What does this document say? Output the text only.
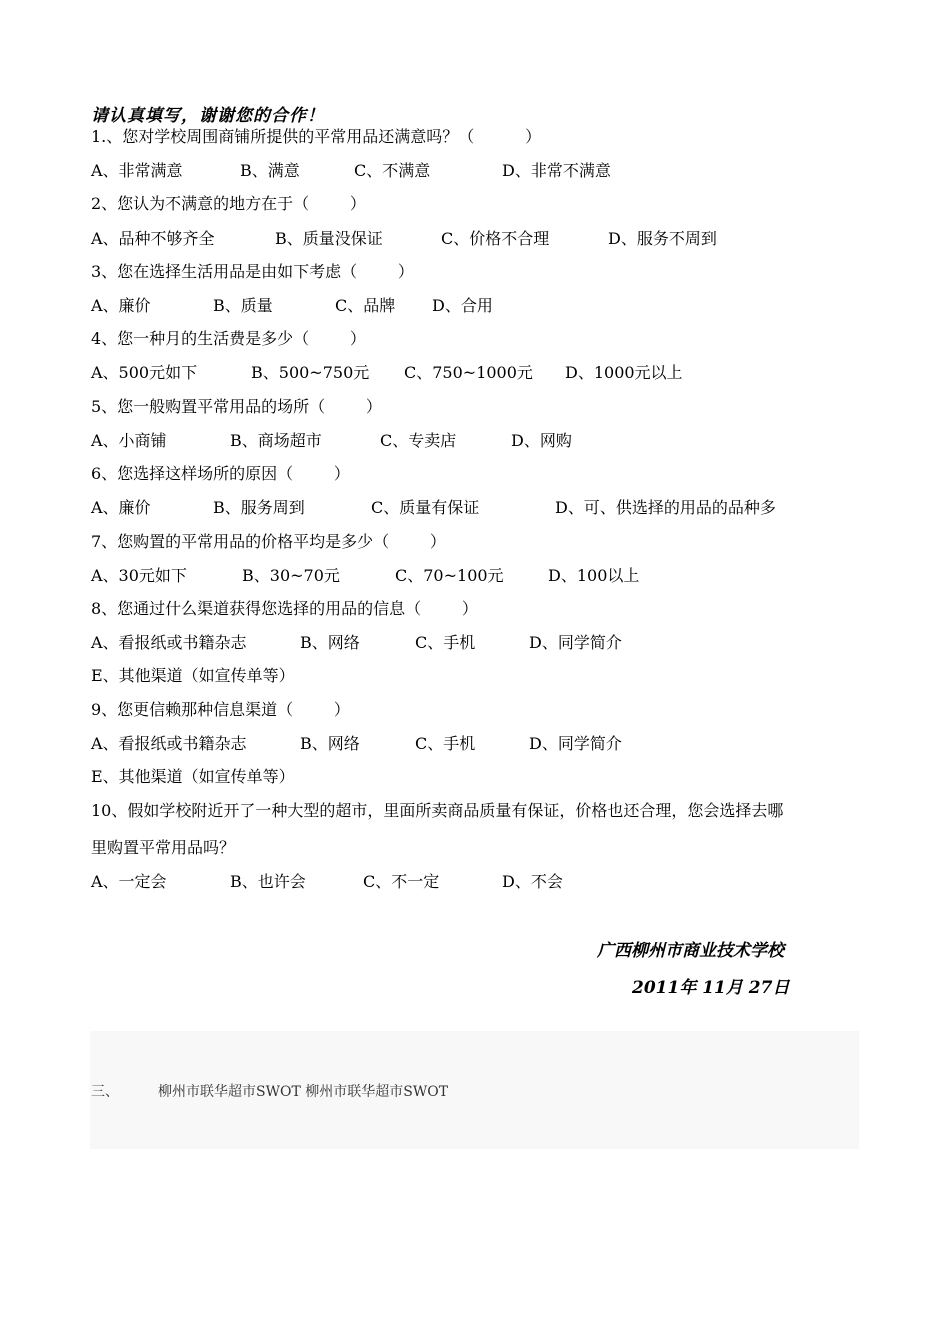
请认真填写，谢谢您的合作！
1.、您对学校周围商铺所提供的平常用品还满意吗？（          ）
A、非常满意	B、满意	C、不满意	D、非常不满意
2、您认为不满意的地方在于（        ）
A、品种不够齐全	B、质量没保证	C、价格不合理	D、服务不周到
3、您在选择生活用品是由如下考虑（        ）
A、廉价	B、质量	C、品牌 D、合用
4、您一种月的生活费是多少（        ）
A、500元如下	B、500~750元 C、750~1000元 D、1000元以上
5、您一般购置平常用品的场所（        ）
A、小商铺	B、商场超市	C、专卖店	D、网购
6、您选择这样场所的原因（        ）
A、廉价	B、服务周到	C、质量有保证	D、可、供选择的用品的品种多
7、您购置的平常用品的价格平均是多少（        ）
A、30元如下	B、30~70元	C、70~100元	D、100以上
8、您通过什么渠道获得您选择的用品的信息（        ）
A、看报纸或书籍杂志	B、网络	C、手机	D、同学简介
E、其他渠道（如宣传单等）
9、您更信赖那种信息渠道（        ）
A、看报纸或书籍杂志	B、网络	C、手机	D、同学简介
E、其他渠道（如宣传单等）
10、假如学校附近开了一种大型的超市，里面所卖商品质量有保证，价格也还合理，您会选择去哪
里购置平常用品吗？
A、一定会	B、也许会	C、不一定	D、不会
广西柳州市商业技术学校
2011年 11月 27日
三、	柳州市联华超市SWOT 柳州市联华超市SWOT
